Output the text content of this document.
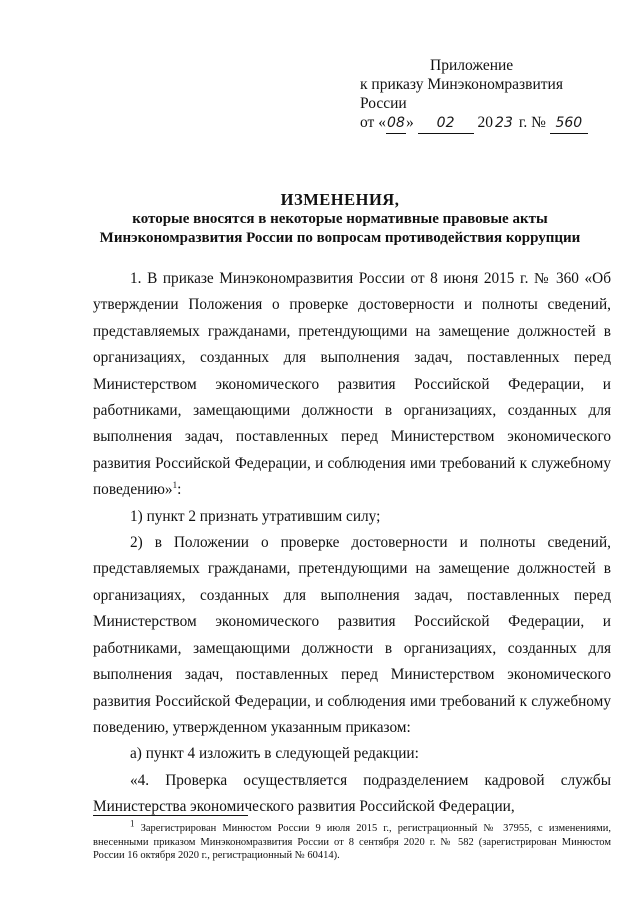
Приложение
к приказу Минэкономразвития России
от «08» 02 20 23 г. № 560
ИЗМЕНЕНИЯ,
которые вносятся в некоторые нормативные правовые акты
Минэкономразвития России по вопросам противодействия коррупции

1. В приказе Минэкономразвития России от 8 июня 2015 г. № 360 «Об утверждении Положения о проверке достоверности и полноты сведений, представляемых гражданами, претендующими на замещение должностей в организациях, созданных для выполнения задач, поставленных перед Министерством экономического развития Российской Федерации, и работниками, замещающими должности в организациях, созданных для выполнения задач, поставленных перед Министерством экономического развития Российской Федерации, и соблюдения ими требований к служебному поведению»$^1$:

1) пункт 2 признать утратившим силу;

2) в Положении о проверке достоверности и полноты сведений, представляемых гражданами, претендующими на замещение должностей в организациях, созданных для выполнения задач, поставленных перед Министерством экономического развития Российской Федерации, и работниками, замещающими должности в организациях, созданных для выполнения задач, поставленных перед Министерством экономического развития Российской Федерации, и соблюдения ими требований к служебному поведению, утвержденном указанным приказом:

а) пункт 4 изложить в следующей редакции:

«4. Проверка осуществляется подразделением кадровой службы Министерства экономического развития Российской Федерации,

1 Зарегистрирован Минюстом России 9 июля 2015 г., регистрационный № 37955, с изменениями, внесенными приказом Минэкономразвития России от 8 сентября 2020 г. № 582 (зарегистрирован Минюстом России 16 октября 2020 г., регистрационный № 60414).
